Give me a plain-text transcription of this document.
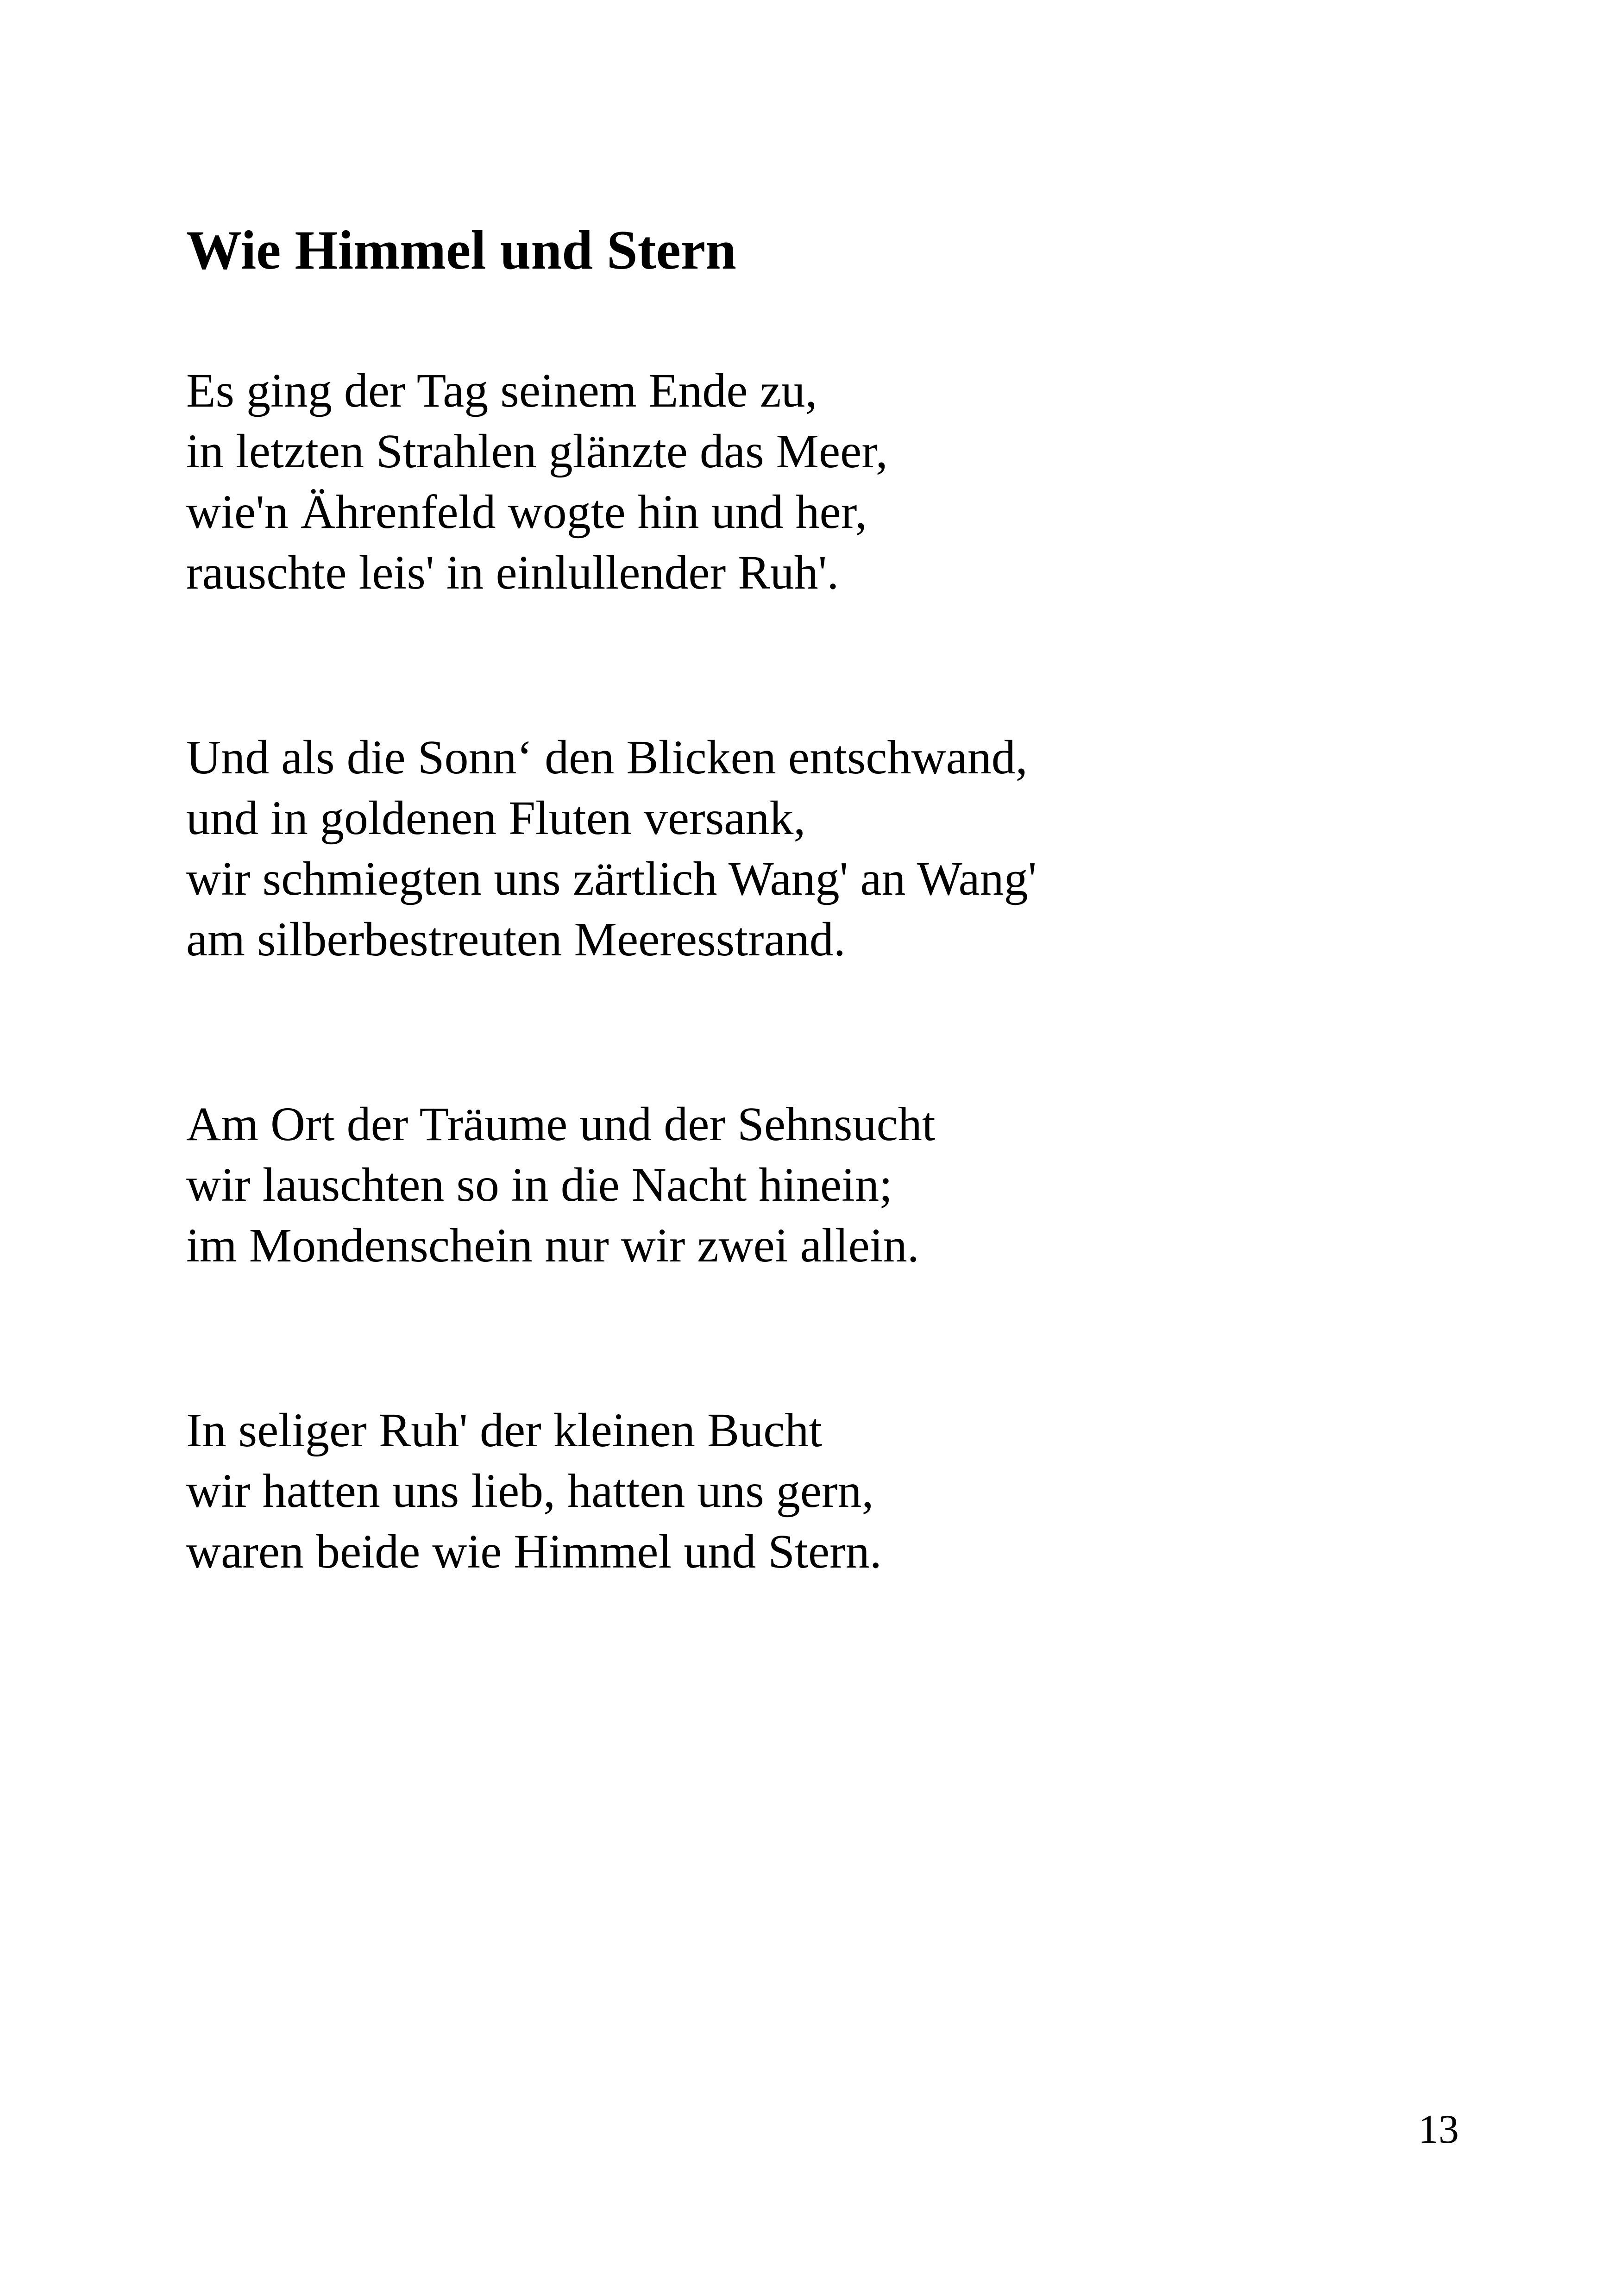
Wie Himmel und Stern

Es ging der Tag seinem Ende zu,
in letzten Strahlen glänzte das Meer,
wie'n Ährenfeld wogte hin und her,
rauschte leis' in einlullender Ruh'.

Und als die Sonn‘ den Blicken entschwand,
und in goldenen Fluten versank,
wir schmiegten uns zärtlich Wang' an Wang'
am silberbestreuten Meeresstrand.

Am Ort der Träume und der Sehnsucht
wir lauschten so in die Nacht hinein;
im Mondenschein nur wir zwei allein.

In seliger Ruh' der kleinen Bucht
wir hatten uns lieb, hatten uns gern,
waren beide wie Himmel und Stern.

13
